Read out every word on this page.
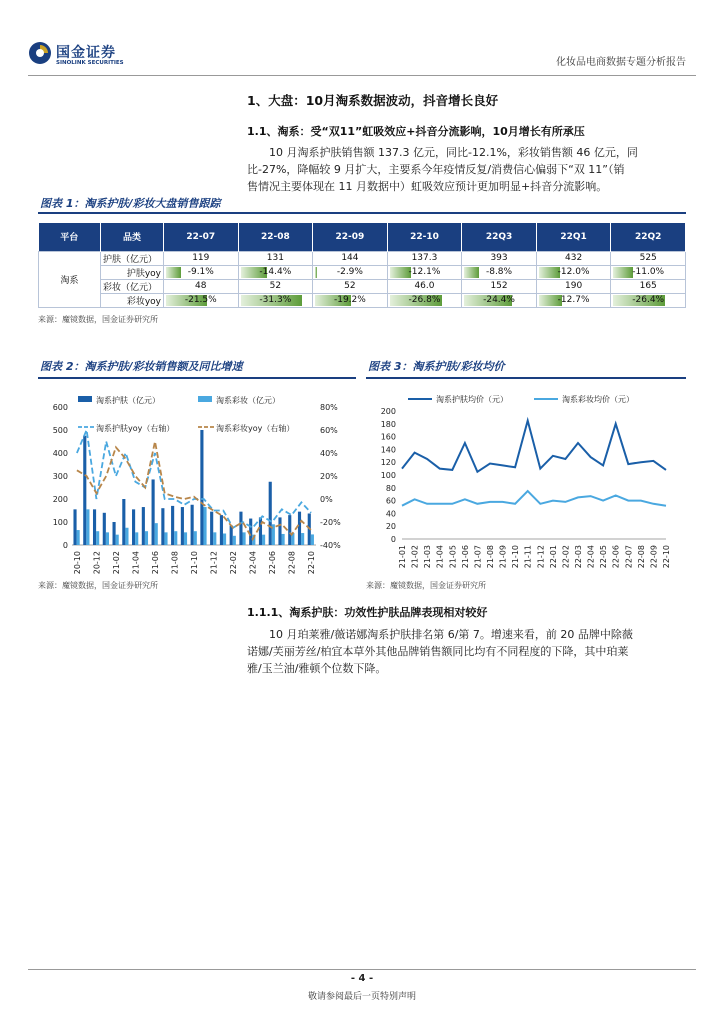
国金证券
SINOLINK SECURITIES	化妆品电商数据专题分析报告
1、大盘：10月淘系数据波动，抖音增长良好
1.1、淘系：受“双11”虹吸效应+抖音分流影响，10月增长有所承压
10 月淘系护肤销售额 137.3 亿元，同比-12.1%，彩妆销售额 46 亿元，同
比-27%，降幅较 9 月扩大，主要系今年疫情反复/消费信心偏弱下“双 11”（销
售情况主要体现在 11 月数据中）虹吸效应预计更加明显+抖音分流影响。
图表 1：淘系护肤/彩妆大盘销售跟踪
平台	品类	22-07	22-08	22-09	22-10	22Q3	22Q1	22Q2
淘系	护肤（亿元）	119	131	144	137.3	393	432	525
	护肤yoy	-9.1%	-14.4%	-2.9%	-12.1%	-8.8%	-12.0%	-11.0%
	彩妆（亿元）	48	52	52	46.0	152	190	165
	彩妆yoy	-21.5%	-31.3%	-19.2%	-26.8%	-24.4%	-12.7%	-26.4%
来源：魔镜数据，国金证券研究所
图表 2：淘系护肤/彩妆销售额及同比增速
0
100
200
300
400
500
600
-40%
-20%
0%
20%
40%
60%
80%
20-10 20-12 21-02 21-04 21-06 21-08 21-10 21-12 22-02 22-04 22-06 22-08 22-10
淘系护肤（亿元）	淘系彩妆（亿元）
淘系护肤yoy（右轴）	淘系彩妆yoy（右轴）
来源：魔镜数据，国金证券研究所
图表 3：淘系护肤/彩妆均价
0
20
40
60
80
100
120
140
160
180
200
21-01 21-02 21-03 21-04 21-05 21-06 21-07 21-08 21-09 21-10 21-11 21-12 22-01 22-02 22-03 22-04 22-05 22-06 22-07 22-08 22-09 22-10
淘系护肤均价（元）	淘系彩妆均价（元）
来源：魔镜数据，国金证券研究所
1.1.1、淘系护肤：功效性护肤品牌表现相对较好
10 月珀莱雅/薇诺娜淘系护肤排名第 6/第 7。增速来看，前 20 品牌中除薇
诺娜/芙丽芳丝/柏宜本草外其他品牌销售额同比均有不同程度的下降，其中珀莱
雅/玉兰油/雅顿个位数下降。
- 4 -
敬请参阅最后一页特别声明
